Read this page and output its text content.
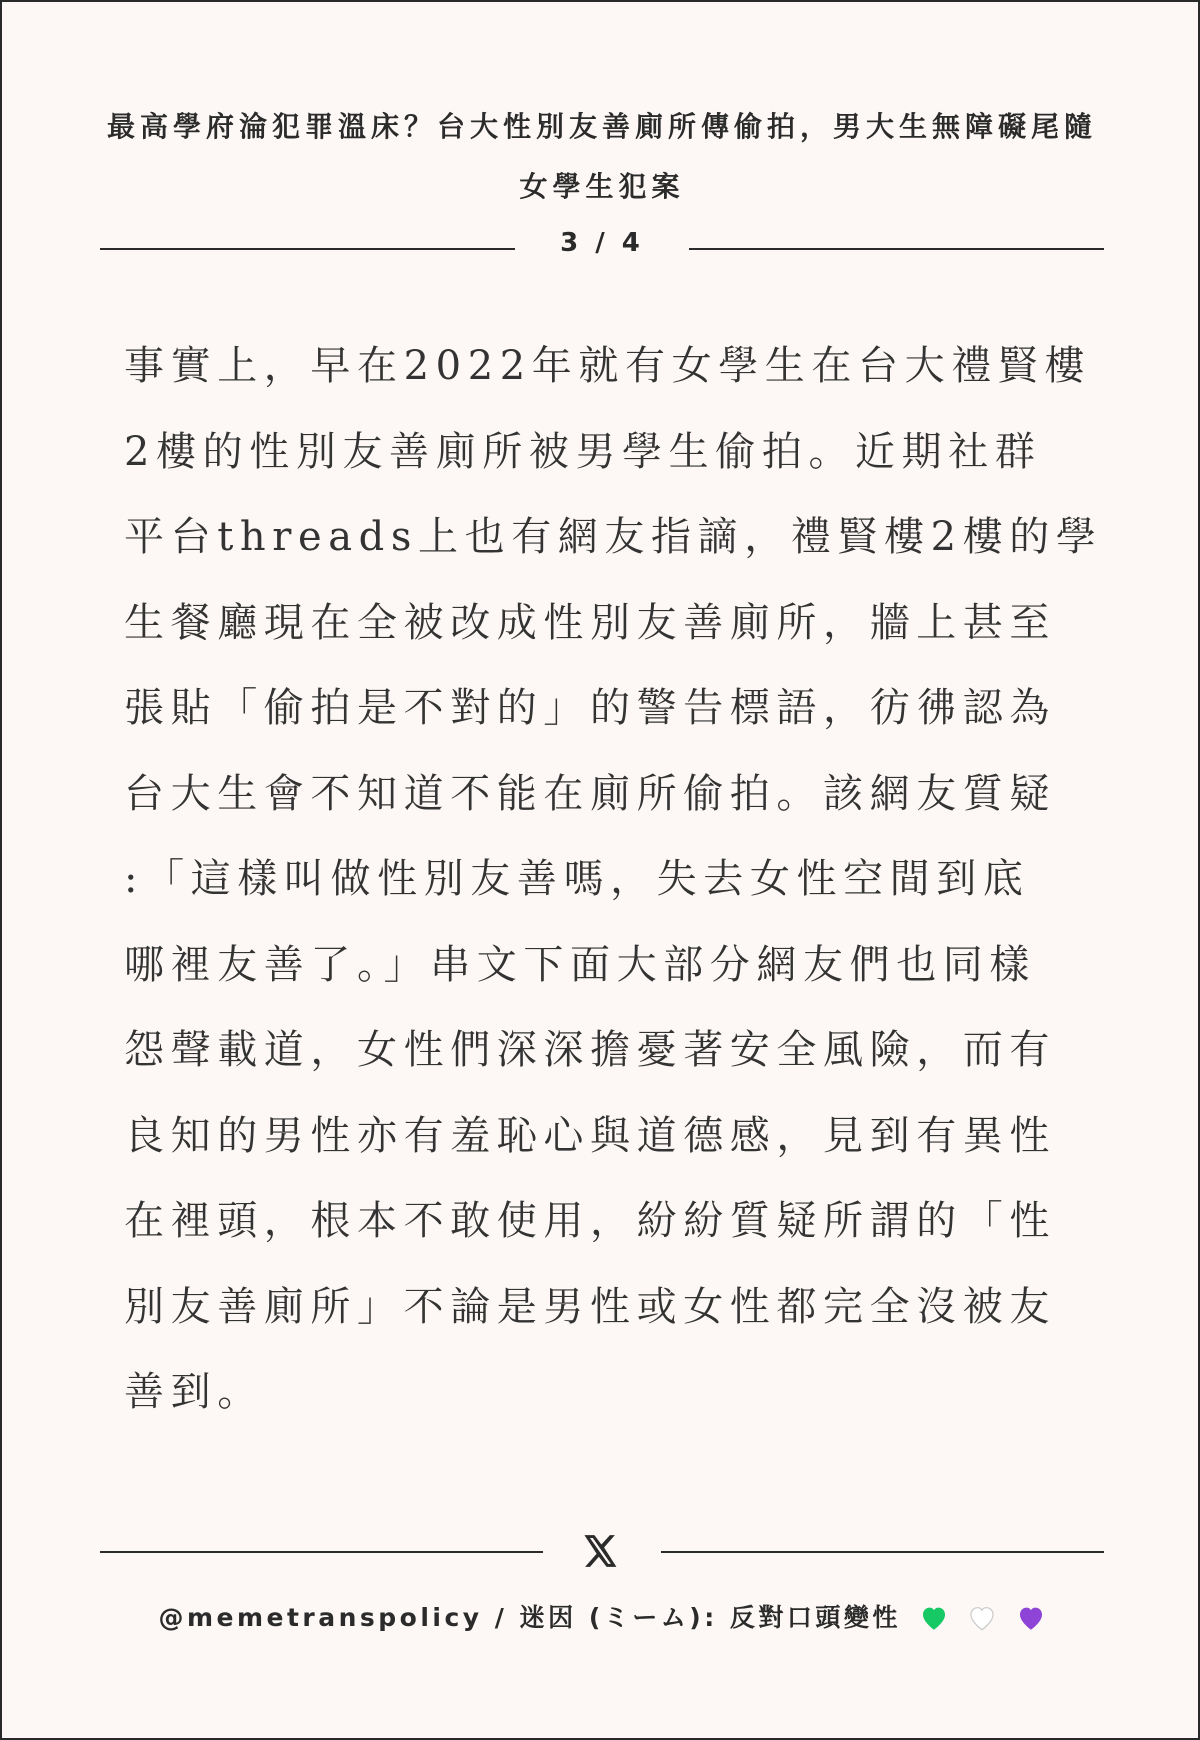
最高學府淪犯罪溫床？台大性別友善廁所傳偷拍，男大生無障礙尾隨女學生犯案
3 / 4
事實上，早在2022年就有女學生在台大禮賢樓
2樓的性別友善廁所被男學生偷拍。近期社群
平台threads上也有網友指謫，禮賢樓2樓的學
生餐廳現在全被改成性別友善廁所，牆上甚至
張貼「偷拍是不對的」的警告標語，彷彿認為
台大生會不知道不能在廁所偷拍。該網友質疑
:「這樣叫做性別友善嗎，失去女性空間到底
哪裡友善了。」串文下面大部分網友們也同樣
怨聲載道，女性們深深擔憂著安全風險，而有
良知的男性亦有羞恥心與道德感，見到有異性
在裡頭，根本不敢使用，紛紛質疑所謂的「性
別友善廁所」不論是男性或女性都完全沒被友
善到。
@memetranspolicy / 迷因 (ミーム): 反對口頭變性
